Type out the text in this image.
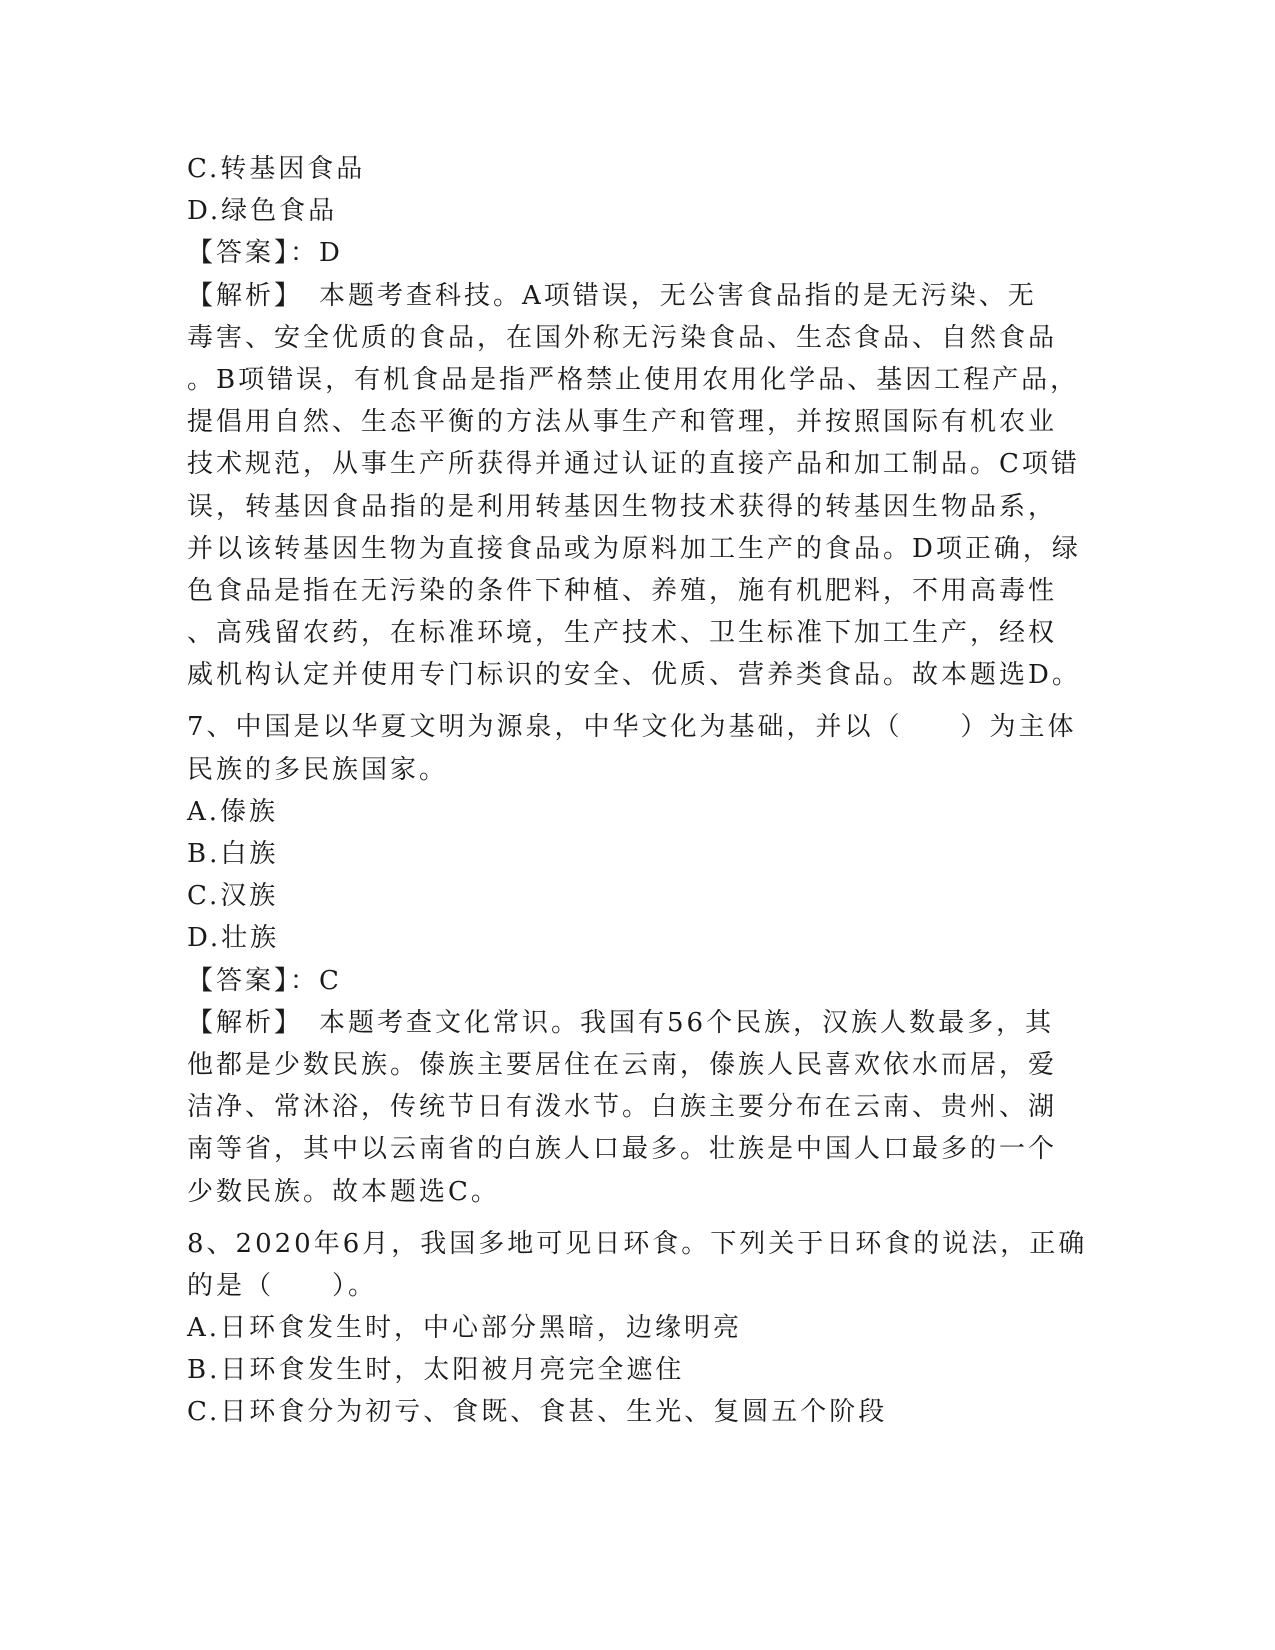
C.转基因食品
D.绿色食品
【答案】：D
【解析】　本题考查科技。A项错误，无公害食品指的是无污染、无
毒害、安全优质的食品，在国外称无污染食品、生态食品、自然食品
。B项错误，有机食品是指严格禁止使用农用化学品、基因工程产品，
提倡用自然、生态平衡的方法从事生产和管理，并按照国际有机农业
技术规范，从事生产所获得并通过认证的直接产品和加工制品。C项错
误，转基因食品指的是利用转基因生物技术获得的转基因生物品系，
并以该转基因生物为直接食品或为原料加工生产的食品。D项正确，绿
色食品是指在无污染的条件下种植、养殖，施有机肥料，不用高毒性
、高残留农药，在标准环境，生产技术、卫生标准下加工生产，经权
威机构认定并使用专门标识的安全、优质、营养类食品。故本题选D。
7、中国是以华夏文明为源泉，中华文化为基础，并以（　　）为主体
民族的多民族国家。
A.傣族
B.白族
C.汉族
D.壮族
【答案】：C
【解析】　本题考查文化常识。我国有56个民族，汉族人数最多，其
他都是少数民族。傣族主要居住在云南，傣族人民喜欢依水而居，爱
洁净、常沐浴，传统节日有泼水节。白族主要分布在云南、贵州、湖
南等省，其中以云南省的白族人口最多。壮族是中国人口最多的一个
少数民族。故本题选C。
8、2020年6月，我国多地可见日环食。下列关于日环食的说法，正确
的是（　　）。
A.日环食发生时，中心部分黑暗，边缘明亮
B.日环食发生时，太阳被月亮完全遮住
C.日环食分为初亏、食既、食甚、生光、复圆五个阶段
